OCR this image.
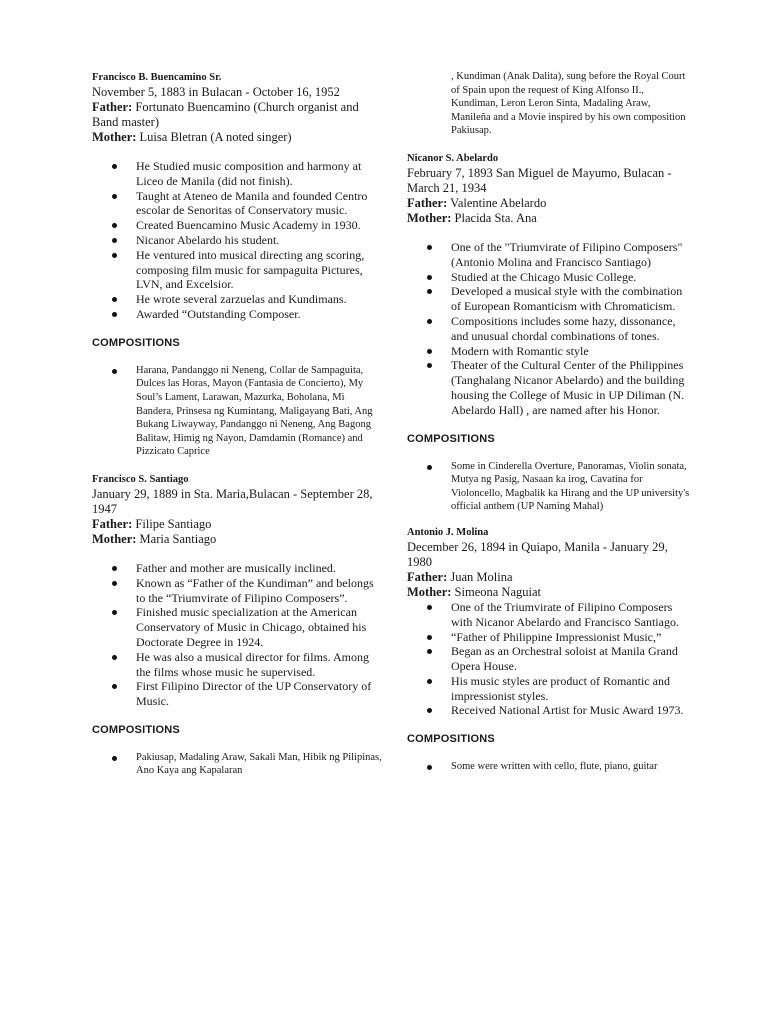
Francisco B. Buencamino Sr.
November 5, 1883 in Bulacan - October 16, 1952
Father: Fortunato Buencamino (Church organist and Band master)
Mother: Luisa Bletran (A noted singer)
He Studied music composition and harmony at Liceo de Manila (did not finish).
Taught at Ateneo de Manila and founded Centro escolar de Senoritas of Conservatory music.
Created Buencamino Music Academy in 1930.
Nicanor Abelardo his student.
He ventured into musical directing ang scoring, composing film music for sampaguita Pictures, LVN, and Excelsior.
He wrote several zarzuelas and Kundimans.
Awarded “Outstanding Composer.
COMPOSITIONS
Harana, Pandanggo ni Neneng, Collar de Sampaguita, Dulces las Horas, Mayon (Fantasia de Concierto), My Soul’s Lament, Larawan, Mazurka, Boholana, Mi Bandera, Prinsesa ng Kumintang, Maligayang Bati, Ang Bukang Liwayway, Pandanggo ni Neneng, Ang Bagong Balitaw, Himig ng Nayon, Damdamin (Romance) and Pizzicato Caprice
Francisco S. Santiago
January 29, 1889 in Sta. Maria,Bulacan - September 28, 1947
Father: Filipe Santiago
Mother: Maria Santiago
Father and mother are musically inclined.
Known as “Father of the Kundiman” and belongs to the “Triumvirate of Filipino Composers”.
Finished music specialization at the American Conservatory of Music in Chicago, obtained his Doctorate Degree in 1924.
He was also a musical director for films. Among the films whose music he supervised.
First Filipino Director of the UP Conservatory of Music.
COMPOSITIONS
Pakiusap, Madaling Araw, Sakali Man, Hibik ng Pilipinas, Ano Kaya ang Kapalaran
, Kundiman (Anak Dalita), sung before the Royal Court of Spain upon the request of King Alfonso II., Kundiman, Leron Leron Sinta, Madaling Araw, Manileña and a Movie inspired by his own composition Pakiusap.
Nicanor S. Abelardo
February 7, 1893 San Miguel de Mayumo, Bulacan - March 21, 1934
Father: Valentine Abelardo
Mother: Placida Sta. Ana
One of the "Triumvirate of Filipino Composers" (Antonio Molina and Francisco Santiago)
Studied at the Chicago Music College.
Developed a musical style with the combination of European Romanticism with Chromaticism.
Compositions includes some hazy, dissonance, and unusual chordal combinations of tones.
Modern with Romantic style
Theater of the Cultural Center of the Philippines (Tanghalang Nicanor Abelardo) and the building housing the College of Music in UP Diliman (N. Abelardo Hall) , are named after his Honor.
COMPOSITIONS
Some in Cinderella Overture, Panoramas, Violin sonata, Mutya ng Pasig, Nasaan ka irog, Cavatina for Violoncello, Magbalik ka Hirang and the UP university's official anthem (UP Naming Mahal)
Antonio J. Molina
December 26, 1894 in Quiapo, Manila - January 29, 1980
Father: Juan Molina
Mother: Simeona Naguiat
One of the Triumvirate of Filipino Composers with Nicanor Abelardo and Francisco Santiago.
“Father of Philippine Impressionist Music,”
Began as an Orchestral soloist at Manila Grand Opera House.
His music styles are product of Romantic and impressionist styles.
Received National Artist for Music Award 1973.
COMPOSITIONS
Some were written with cello, flute, piano, guitar
